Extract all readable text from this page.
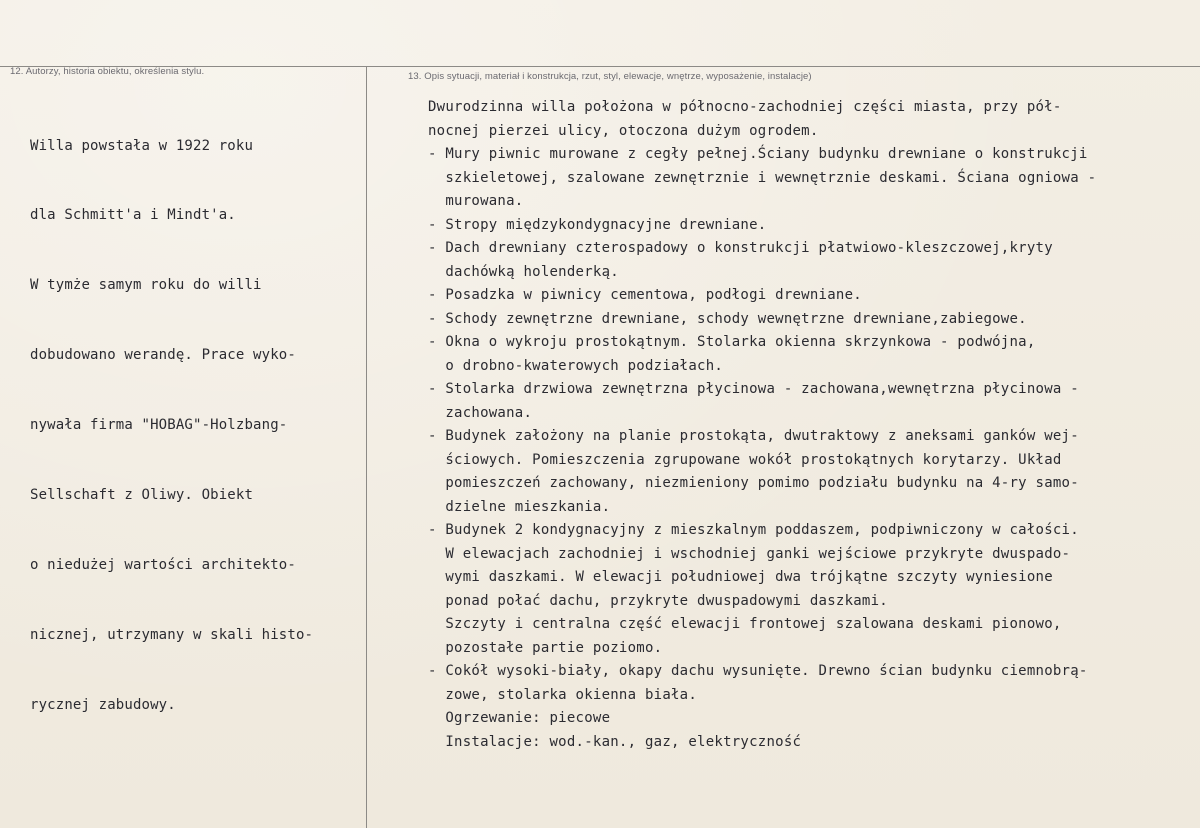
12. Autorzy, historia obiektu, określenia stylu.	13. Opis sytuacji, materiał i konstrukcja, rzut, styl, elewacje, wnętrze, wyposażenie, instalacje)

Willa powstała w 1922 roku

dla Schmitt'a i Mindt'a.

W tymże samym roku do willi

dobudowano werandę. Prace wyko-

nywała firma "HOBAG"-Holzbang-

Sellschaft z Oliwy. Obiekt

o niedużej wartości architekto-

nicznej, utrzymany w skali histo-

rycznej zabudowy.

Dwurodzinna willa położona w północno-zachodniej części miasta, przy pół-
nocnej pierzei ulicy, otoczona dużym ogrodem.
- Mury piwnic murowane z cegły pełnej.Ściany budynku drewniane o konstrukcji
szkieletowej, szalowane zewnętrznie i wewnętrznie deskami. Ściana ogniowa -
murowana.
- Stropy międzykondygnacyjne drewniane.
- Dach drewniany czterospadowy o konstrukcji płatwiowo-kleszczowej,kryty
dachówką holenderką.
- Posadzka w piwnicy cementowa, podłogi drewniane.
- Schody zewnętrzne drewniane, schody wewnętrzne drewniane,zabiegowe.
- Okna o wykroju prostokątnym. Stolarka okienna skrzynkowa - podwójna,
o drobno-kwaterowych podziałach.
- Stolarka drzwiowa zewnętrzna płycinowa - zachowana,wewnętrzna płycinowa -
zachowana.
- Budynek założony na planie prostokąta, dwutraktowy z aneksami ganków wej-
ściowych. Pomieszczenia zgrupowane wokół prostokątnych korytarzy. Układ
pomieszczeń zachowany, niezmieniony pomimo podziału budynku na 4-ry samo-
dzielne mieszkania.
- Budynek 2 kondygnacyjny z mieszkalnym poddaszem, podpiwniczony w całości.
W elewacjach zachodniej i wschodniej ganki wejściowe przykryte dwuspado-
wymi daszkami. W elewacji południowej dwa trójkątne szczyty wyniesione
ponad połać dachu, przykryte dwuspadowymi daszkami.
Szczyty i centralna część elewacji frontowej szalowana deskami pionowo,
pozostałe partie poziomo.
- Cokół wysoki-biały, okapy dachu wysunięte. Drewno ścian budynku ciemnobrą-
zowe, stolarka okienna biała.
Ogrzewanie: piecowe
Instalacje: wod.-kan., gaz, elektryczność
